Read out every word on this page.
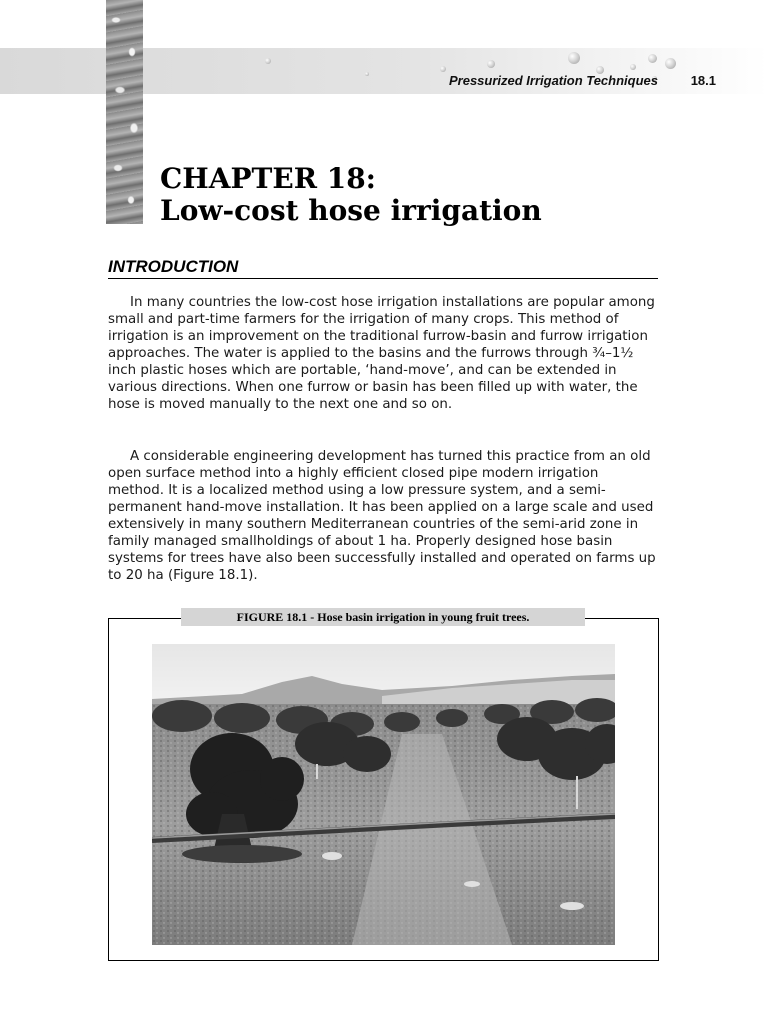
Pressurized Irrigation Techniques	18.1
CHAPTER 18:
Low-cost hose irrigation
INTRODUCTION

In many countries the low-cost hose irrigation installations are popular among small and part-time farmers for the irrigation of many crops. This method of irrigation is an improvement on the traditional furrow-basin and furrow irrigation approaches. The water is applied to the basins and the furrows through ¾–1½ inch plastic hoses which are portable, ‘hand-move’, and can be extended in various directions. When one furrow or basin has been filled up with water, the hose is moved manually to the next one and so on.

A considerable engineering development has turned this practice from an old open surface method into a highly efficient closed pipe modern irrigation method. It is a localized method using a low pressure system, and a semi-permanent hand-move installation. It has been applied on a large scale and used extensively in many southern Mediterranean countries of the semi-arid zone in family managed smallholdings of about 1 ha. Properly designed hose basin systems for trees have also been successfully installed and operated on farms up to 20 ha (Figure 18.1).

FIGURE 18.1 - Hose basin irrigation in young fruit trees.
